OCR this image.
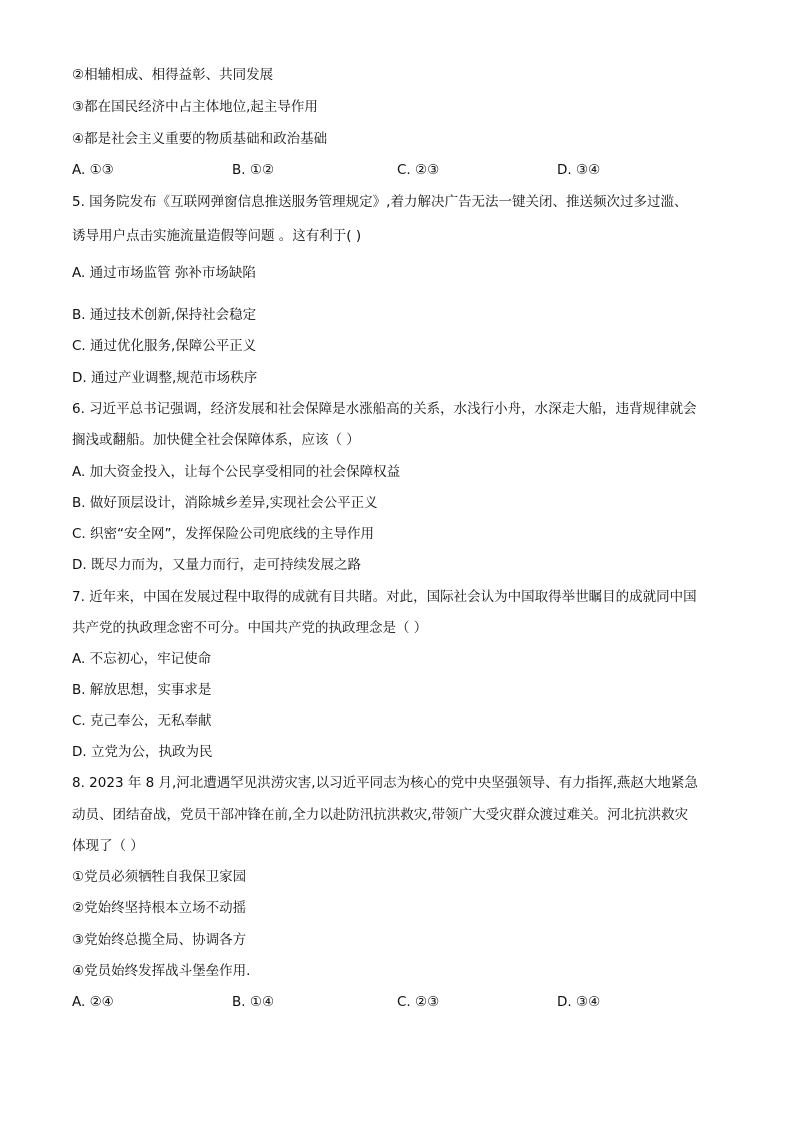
②相辅相成、相得益彰、共同发展
③都在国民经济中占主体地位,起主导作用
④都是社会主义重要的物质基础和政治基础
A. ①③	B. ①②	C. ②③	D. ③④
5. 国务院发布《互联网弹窗信息推送服务管理规定》,着力解决广告无法一键关闭、推送频次过多过滥、
诱导用户点击实施流量造假等问题 。这有利于( )
A. 通过市场监管 弥补市场缺陷
B. 通过技术创新,保持社会稳定
C. 通过优化服务,保障公平正义
D. 通过产业调整,规范市场秩序
6. 习近平总书记强调，经济发展和社会保障是水涨船高的关系，水浅行小舟，水深走大船，违背规律就会
搁浅或翻船。加快健全社会保障体系，应该（ ）
A. 加大资金投入，让每个公民享受相同的社会保障权益
B. 做好顶层设计，消除城乡差异,实现社会公平正义
C. 织密“安全网”，发挥保险公司兜底线的主导作用
D. 既尽力而为，又量力而行，走可持续发展之路
7. 近年来，中国在发展过程中取得的成就有目共睹。对此，国际社会认为中国取得举世瞩目的成就同中国
共产党的执政理念密不可分。中国共产党的执政理念是（ ）
A. 不忘初心，牢记使命
B. 解放思想，实事求是
C. 克己奉公，无私奉献
D. 立党为公，执政为民
8. 2023 年 8 月,河北遭遇罕见洪涝灾害,以习近平同志为核心的党中央坚强领导、有力指挥,燕赵大地紧急
动员、团结奋战，党员干部冲锋在前,全力以赴防汛抗洪救灾,带领广大受灾群众渡过难关。河北抗洪救灾
体现了（ ）
①党员必须牺牲自我保卫家园
②党始终坚持根本立场不动摇
③党始终总揽全局、协调各方
④党员始终发挥战斗堡垒作用.
A. ②④	B. ①④	C. ②③	D. ③④
